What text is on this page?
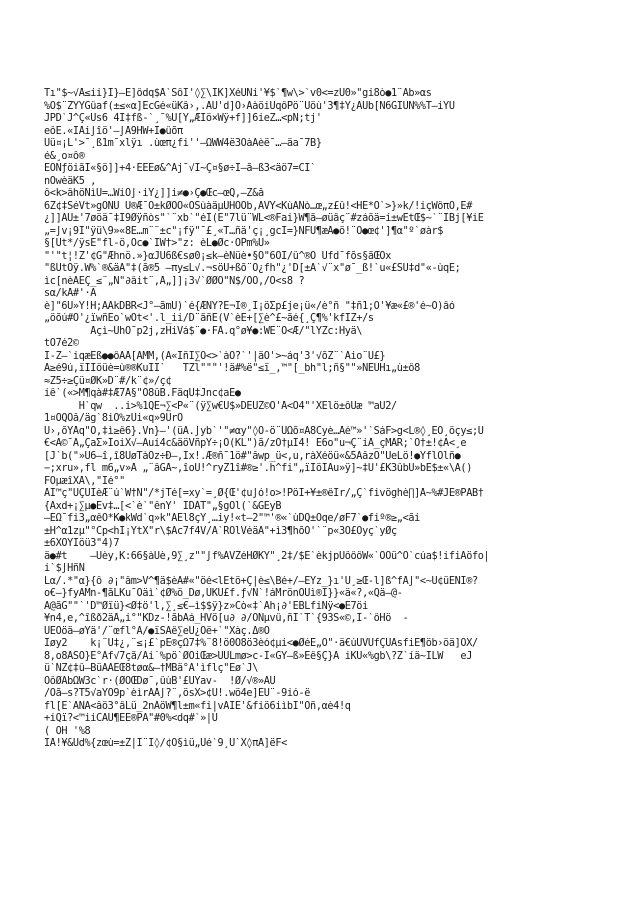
Tı"$~√Å≤ii}Ì}—E]ôdq$Å`SôÎ'◊∑\ÎK]XéUNi'¥$`¶w\>`v0<=zÜ0»"gi8ò●1¨Ab»αs
%Ö$¨ZŸŸGûaf(±≤«α]ÈcGé«üKâ›,.ÂÜ'd]Ö›ÃàöiÜqôPö¨Ûöù'3¶‡Y¿ÄÜb[N6GÌÙÑ%%T—iŸÜ
JPD`J^Ç«Us6 4Î‡fß-`¸¯%Ü[Ÿ„ÆÎö×Wÿ+f]]6ieZ…<pN;tj'
eôÉ.«ÏÅi∫îö'—∫Å9HW+Ì●ûõπ
Üü¤¡L'>¯¸ß1m¯xlÿı .ùœπ¿fi''—ΩWW4ë3OàÀèë¯…—äa¯7B}
é&¸ο¤ô®
ÉÖNƒöiãÏ«§ö]]+4·ÈÉEø&^Âj¯√Î~Ç¤§ø÷Ì—ã—ß3<äö7=CÌ`
nÖwèäK5 ,
ô<k>âhöÑìÜ=…WiÖ∫·iŸ¿]]i≠●›Ç●Œc—œQ,—Z&å
6Z¢‡SéVt»gÕÑÜ Ü®Æ¯Õ±kØÖÖ«ÖSùàäµÜHÖÔb,ÁVY<KùÁNò…œ„z£û!<HÉ*Ö`>}»k/!içWôπÕ,È#
¿]]ÄÜ±'7øöä¯‡Ì9Øÿñòs"`¨xb`"éÎ(É"7lü¨WL<®Fai}W¶ã—øüâç¨#záõä=í±wÉtŒ$~`¨IBj[¥iÈ
„=∫v¡9Î"ÿü\9»«8É…m¨¨±c"¡fÿ"¯£¸«T…ñä'ç¡¸gcÏ=}ÑFÜ¶æÅ●ö!¨Ö●œ¢']¶α"º`øàr$
§[Üt*/ÿsÈ"fl-ö,Öc●`ÌW†>"z: èL●Øc·ÕPm%Ü»
"'"t¦!Z'¢G"Æhnö.»}αJÜ6ß€sø0¡≤k—èÑüè•§Õ"6ÕÎ/û^®Õ Ûfd¯fõs§ãŒOx
"ßÜtÖÿ.W%`®&äÄ"‡(ã®5 —πy≤L√.¬söÜ+ßõ¨Õ¿fh"¿'D[±Ä`√¨x"ø¯_ß!`u«£SÜ‡d"«-ùqÈ;
ìc[nèÀÈÇ_≤¨„N"∂âit¨,Å„]]¡3√`ØØÕ"N$/OÕ,/Ö<s8 ?
sα/kÅ#'·Â
è]"6Ü»Y!H;ÁÂkDBR<J°—ãmÜ)`é{ÆÑY?Ë¬Î®¸Ì¡öΣp£je¡ü«/è°ñ "‡ñ1;Ò'¥æ«£®'é~Ô)âó
„öõú#Ö'¿ïwñÉo`wÖt<'.l_ii/D¨ãñÈ(V`èÉ+[∑è^£~ãé{¸Ç¶%'kfIZ+/s
Åçì~ÜhÖ¯p2j,zHiVá$¨●·FÅ.q°ø¥●:WÈ¨Ô<Æ/"lŸZc:Hyä\
tÔ7é2©
I-Z—`iqæÈß●●ôÁÅ[ÀMM,(A«ÎñΙ∑Ö<>`àO?`'|äÖ'>~áq'3'√õZ¨`Âio¨U£}
Ä≥é9ú,ïÏÌöüè=ù®®KuÌÌ`   TZl"""'!ä#%ë"≤ï_,™"[_bh"l;ñ§""»ÑÈÜHı„ù±ô8
≈Z5÷≥Çü¤ØK»D¨#/k¨¢»/ç¢
iê`(«>M¶qà#‡Æ7Å§"Ö8ûB.FäqÛ‡Jnc¢aÉ●
H`qw  ..i>%1QÈ¬∑<P«¨(ÿ∑w€Ü$»DÈÜZ©Ö'Å<Ô4"'XÉlö±ôÜæ ™aÛ2/
1¤ÕQÕå/äg`8iÖ%zÜi«q»9ÜrÕ
Ü›,õŸÅq"Õ,‡ì≥ê6}.Vn}—'(üÂ.∫yb`'"≠αy"◊Ö-ö¨ÜΩõ¤A8Cyè…Åé™»'`SáF>g<L®◊¸ÈÖ¸öçy≤;Ü
€<Ä©¯Ä„ÇaΣ»ÌoiX√—Äuí4c&äöVñpY÷¡Ö(KL")ã/zÕ†µÏ4! È6o"u¬Ç¨iÅ_çMÄR;`Ö†±!¢Ä<¸e
[J`b("»Ü6—î,î8ÜøTàÖz÷Ð—,Ïx!.Æ®ñ¯1ö#"åwp_ü<,u,ràXéöü«&5ÀåzÕ"ÜeLö!●ŸflÖlñ●
−;xru»,fl m6„v»Å „¨âGÅ~,îoÜ!^ryZ1î#®≥'.h^fi"„ïÎöÎÃu»ÿ]~‡Ü'£K3ûbÜ»bÈ$±«\Ä()
FÕµæîXÅ\,"Ìé°"
ÅÌ™ç"ÜÇÜÌèÆ¨ú`W†Ñ"/*jTé[=xy`=¸Ø{Œ'¢u∫ó!o>!PöI+¥±®êÌr/„Ç`fivöghè∏]Å~%#JE®PÀB†
{Àxd+¡∑µ●Év‡…[<`è`"ênŸ' IDAT"„§gOl(`&GÈyB
—ÊΩ¯fi3„αêÕ*K●kWd`q»k"ÂEl8çŸ¸…iy!«t—2"™'®«`ùDQ±Öqe/øF7`●fiº®≥„<ãi
±H^α1zµ"°Cp<hÏ¡ŸtX"r\$Ác7f4V/Â`ROlVéäÄ"+ì3¶hõÖ'`¨p«3O£Öyç`yØç
±6XÕYÍöü3"4)7
ä●#t    —Üèy,K:66§àÜè,9∑¸z""∫f%ÀVZéHØKY"¸2‡/$È`èkjpÜôôôW«`OÕü^O`cúa$!ifiÄöfo|
i`$∫HñÑ
Lα/.*"α}{ô ∂¡"âm>V^¶ä$èÄ#«"öé<lÈtö+Ç|è≤\Bé+/—ÉŸz_}ı'Ü¸≥Œ-l]ß^fÅ∫"<~Ü¢üENÌ®?
o€—}fyÂMn-¶ãLKu¯Öäì`¢Ø%ö_Dø,ÜKÜ£f.ƒ√N`!áMrönÕUì®I}}«ä«?,«Qä—@-
Ä@ãG""`'D™Øïü}<Ø‡ö'l,∑¸≤€—ì$$ÿ}z»Cò«‡`Áh¡∂'ÉBLfiNÿ<●È7öi
¥n4,e,^îßð2äÅ„i°"KDz-!ãbÂá_HVö[u∂ ∂/ÖNµvû,ñÏ`T`{93S«©,Ì-`ôHö  -
UÉÖöä—øŸä'/¨œfl°Â/●ïSÂê∑eÜ¿Õë+`"Xàç.Δ®Ö
Iøy2    k¡¨Û‡¿,¨≤¡£`pÈ®çΩ7‡%¨8!ö0Ö8ö3èó¢µi<●ØéE„Ö"·ä€úÜVÜfÇÜÀsfiÈ¶öb›öä]ÕX/
8,o8ÂSO}È°Äf√7çã/Äi˙%pö`ØÕiŒæ>ÜÜLmø>c-Î«GŸ—ß»Eê§Ç}Ä iKÜ«%gb\?Z`íä~ÌLW   eJ
ü`NZ¢‡û—BüÂÂEŒ8tøα&—†MBä°Ä'ìflç"Eø`J\
ÕôØAbΩW3c`r·(ØÕŒDø¯,ûùB'£ÜŸav-  !Ø/√®»ÀU
/Oã—s?T5√aŸÖ9p`èìrÁÅ∫?¨,ösX>¢Ü!.wö4e]EÜ¨-9ió-ë
fl[É`ÃÑÀ<âö3°âLü_2nÂöW¶l±m«fi|vÀÎÉ'&fiö6iìbÌ"Oñ,αè4!q
+iQï?<™iiCÃU¶ÈE®PÂ"#0%<dq#`»|Ü
( OH '%8
ÎÅ!¥&Üd%{zœù=±Z|Ì¨Î◊/¢Ö§ìü„Üé`9¸Ü`X◊πÅ]ëF<
